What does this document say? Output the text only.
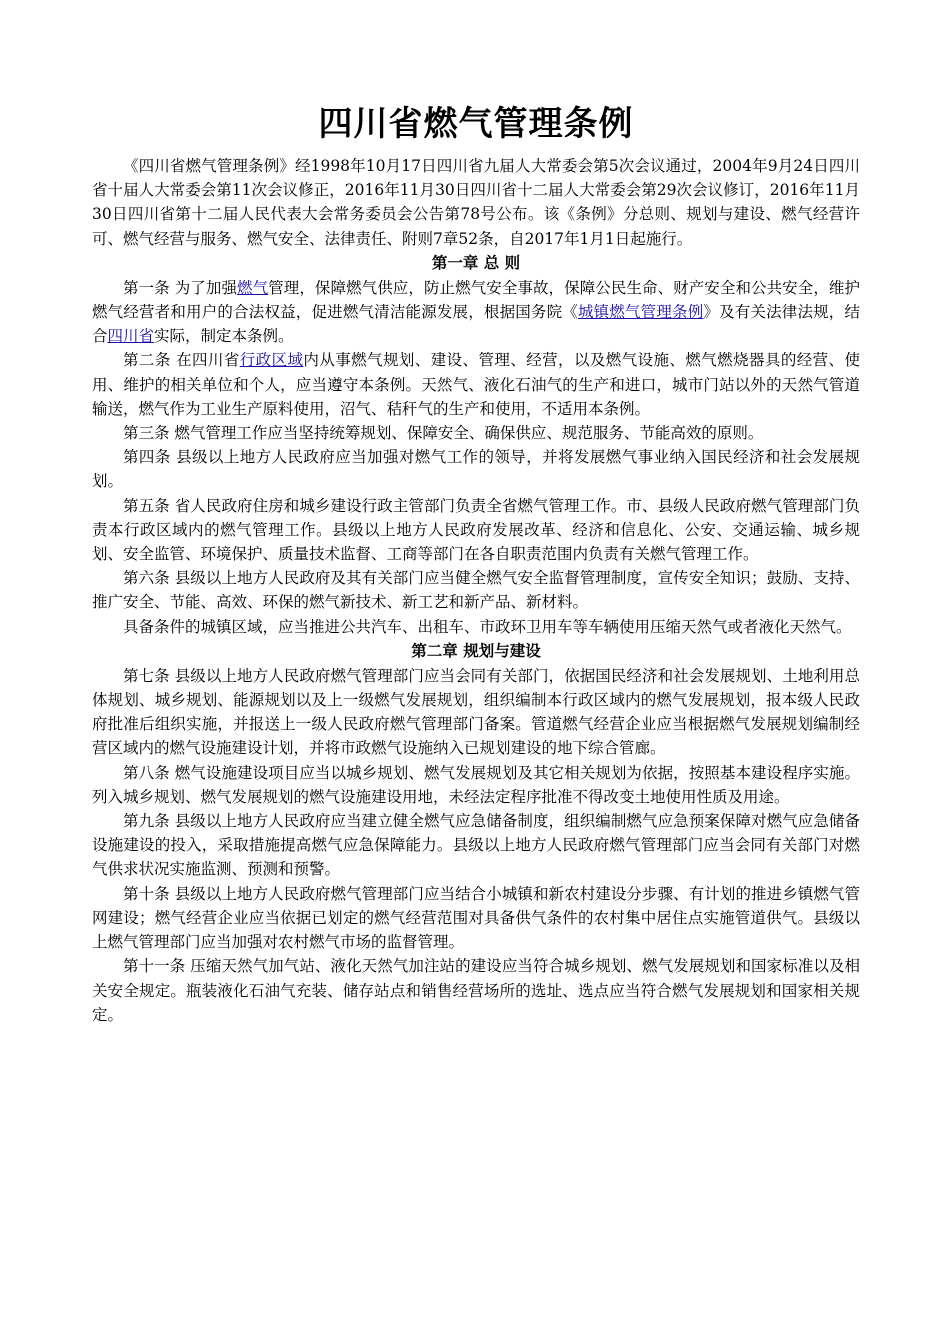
四川省燃气管理条例

《四川省燃气管理条例》经1998年10月17日四川省九届人大常委会第5次会议通过，2004年9月24日四川省十届人大常委会第11次会议修正，2016年11月30日四川省十二届人大常委会第29次会议修订，2016年11月30日四川省第十二届人民代表大会常务委员会公告第78号公布。该《条例》分总则、规划与建设、燃气经营许可、燃气经营与服务、燃气安全、法律责任、附则7章52条，自2017年1月1日起施行。

第一章 总 则

第一条 为了加强燃气管理，保障燃气供应，防止燃气安全事故，保障公民生命、财产安全和公共安全，维护燃气经营者和用户的合法权益，促进燃气清洁能源发展，根据国务院《城镇燃气管理条例》及有关法律法规，结合四川省实际，制定本条例。

第二条 在四川省行政区域内从事燃气规划、建设、管理、经营，以及燃气设施、燃气燃烧器具的经营、使用、维护的相关单位和个人，应当遵守本条例。天然气、液化石油气的生产和进口，城市门站以外的天然气管道输送，燃气作为工业生产原料使用，沼气、秸秆气的生产和使用，不适用本条例。

第三条 燃气管理工作应当坚持统筹规划、保障安全、确保供应、规范服务、节能高效的原则。

第四条 县级以上地方人民政府应当加强对燃气工作的领导，并将发展燃气事业纳入国民经济和社会发展规划。

第五条 省人民政府住房和城乡建设行政主管部门负责全省燃气管理工作。市、县级人民政府燃气管理部门负责本行政区域内的燃气管理工作。县级以上地方人民政府发展改革、经济和信息化、公安、交通运输、城乡规划、安全监管、环境保护、质量技术监督、工商等部门在各自职责范围内负责有关燃气管理工作。

第六条 县级以上地方人民政府及其有关部门应当健全燃气安全监督管理制度，宣传安全知识；鼓励、支持、推广安全、节能、高效、环保的燃气新技术、新工艺和新产品、新材料。

具备条件的城镇区域，应当推进公共汽车、出租车、市政环卫用车等车辆使用压缩天然气或者液化天然气。

第二章 规划与建设

第七条 县级以上地方人民政府燃气管理部门应当会同有关部门，依据国民经济和社会发展规划、土地利用总体规划、城乡规划、能源规划以及上一级燃气发展规划，组织编制本行政区域内的燃气发展规划，报本级人民政府批准后组织实施，并报送上一级人民政府燃气管理部门备案。管道燃气经营企业应当根据燃气发展规划编制经营区域内的燃气设施建设计划，并将市政燃气设施纳入已规划建设的地下综合管廊。

第八条 燃气设施建设项目应当以城乡规划、燃气发展规划及其它相关规划为依据，按照基本建设程序实施。列入城乡规划、燃气发展规划的燃气设施建设用地，未经法定程序批准不得改变土地使用性质及用途。

第九条 县级以上地方人民政府应当建立健全燃气应急储备制度，组织编制燃气应急预案保障对燃气应急储备设施建设的投入，采取措施提高燃气应急保障能力。县级以上地方人民政府燃气管理部门应当会同有关部门对燃气供求状况实施监测、预测和预警。

第十条 县级以上地方人民政府燃气管理部门应当结合小城镇和新农村建设分步骤、有计划的推进乡镇燃气管网建设；燃气经营企业应当依据已划定的燃气经营范围对具备供气条件的农村集中居住点实施管道供气。县级以上燃气管理部门应当加强对农村燃气市场的监督管理。

第十一条 压缩天然气加气站、液化天然气加注站的建设应当符合城乡规划、燃气发展规划和国家标准以及相关安全规定。瓶装液化石油气充装、储存站点和销售经营场所的选址、选点应当符合燃气发展规划和国家相关规定。
